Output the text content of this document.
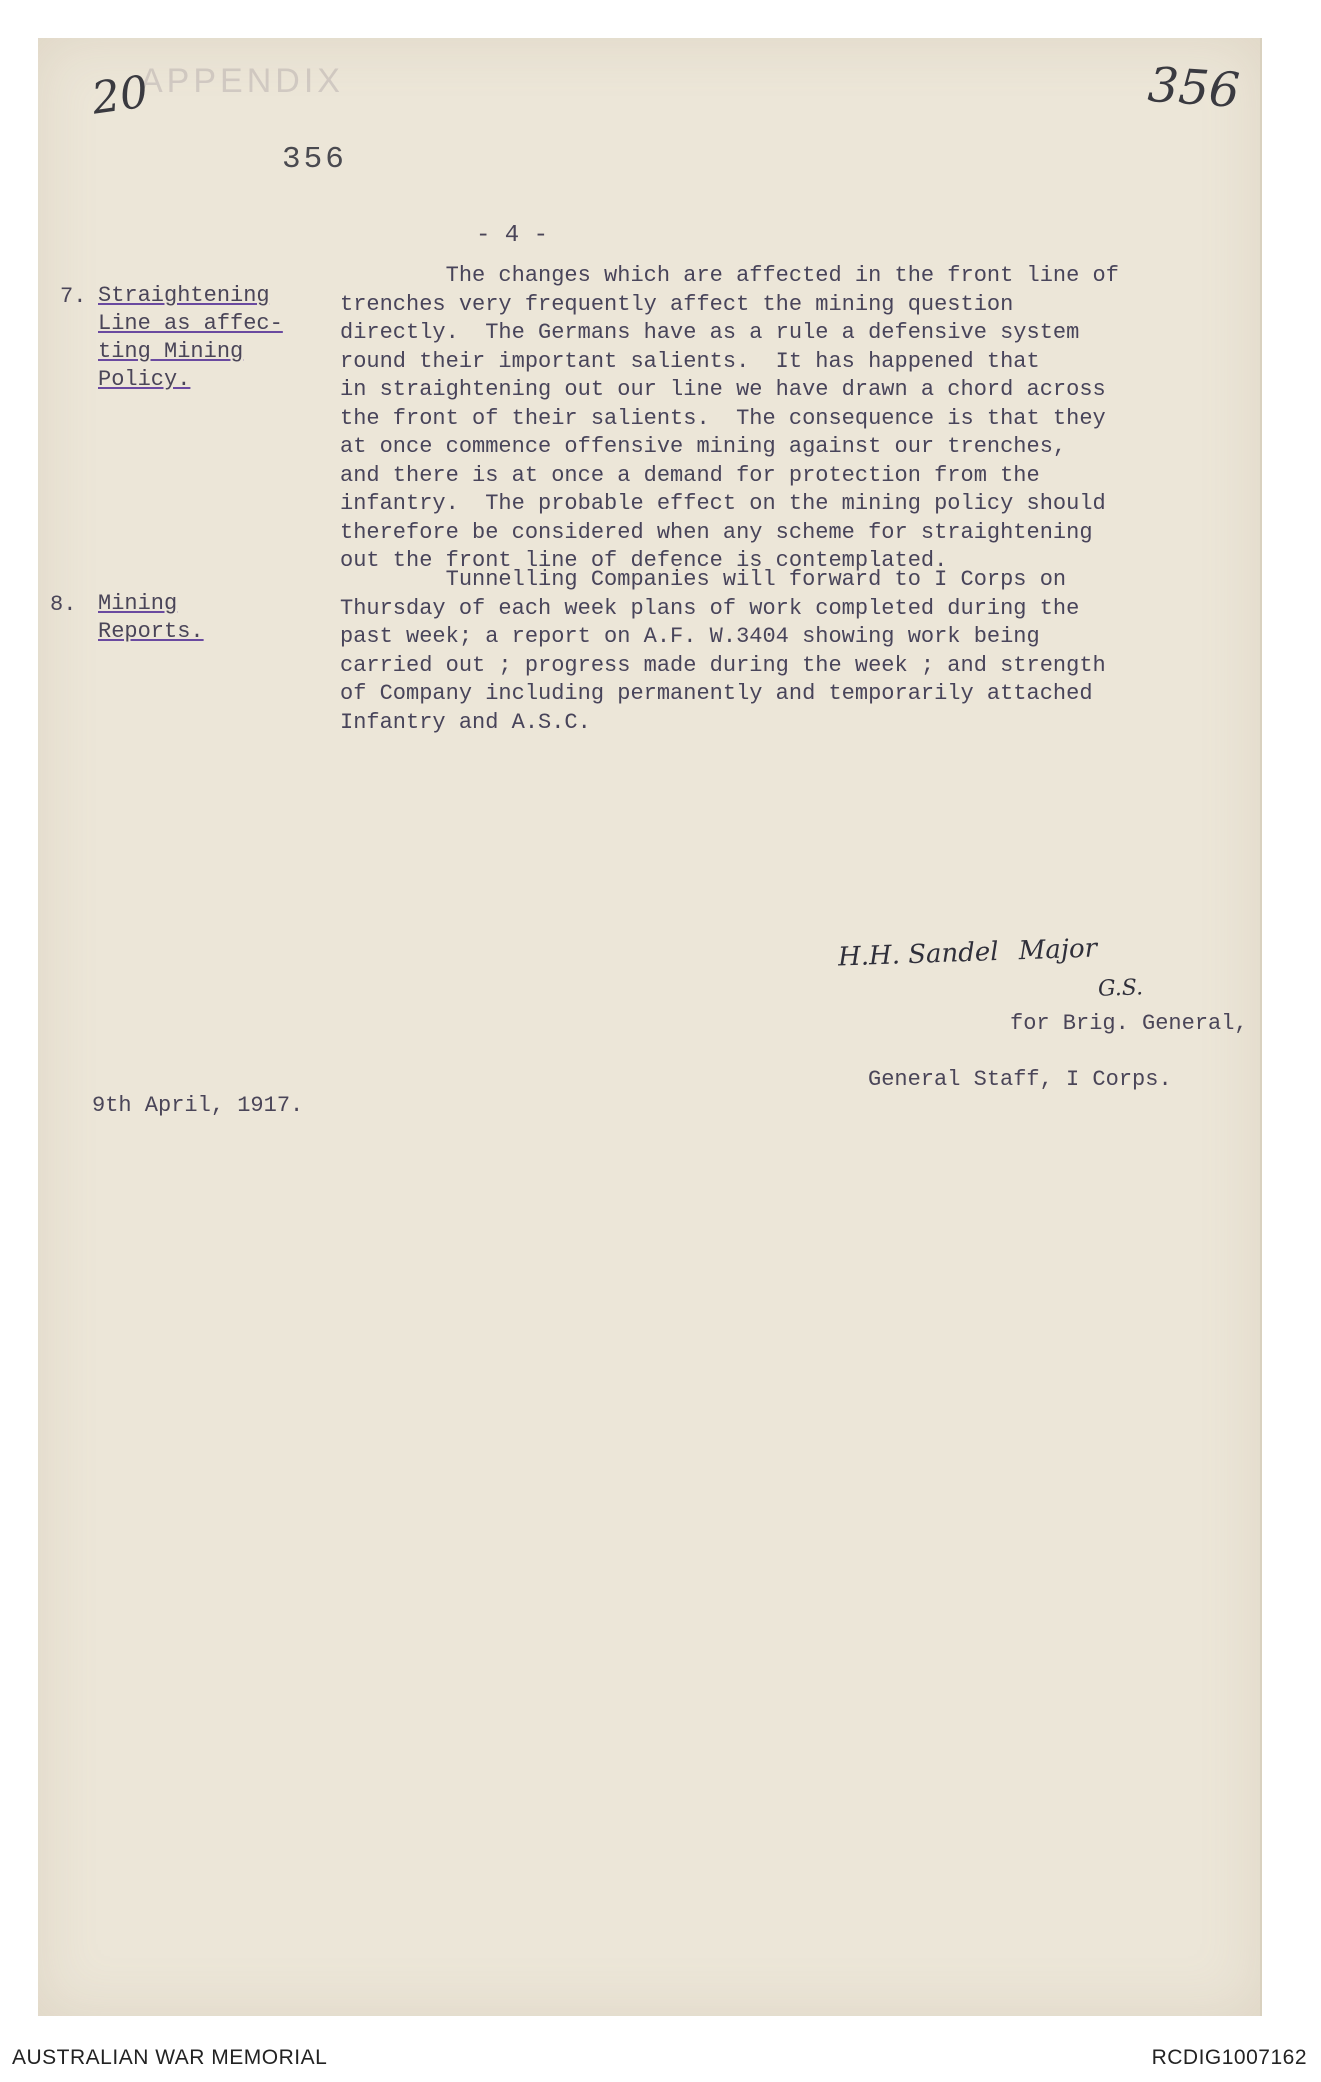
APPENDIX
20	356
356
- 4 -
7. Straightening
Line as affec-
ting Mining
Policy.
The changes which are affected in the front line of
trenches very frequently affect the mining question
directly.  The Germans have as a rule a defensive system
round their important salients.  It has happened that
in straightening out our line we have drawn a chord across
the front of their salients.  The consequence is that they
at once commence offensive mining against our trenches,
and there is at once a demand for protection from the
infantry.  The probable effect on the mining policy should
therefore be considered when any scheme for straightening
out the front line of defence is contemplated.
8. Mining
Reports.
Tunnelling Companies will forward to I Corps on
Thursday of each week plans of work completed during the
past week; a report on A.F. W.3404 showing work being
carried out ; progress made during the week ; and strength
of Company including permanently and temporarily attached
Infantry and A.S.C.
H.H. Sandel Major
G.S.
for Brig. General,
General Staff, I Corps.
9th April, 1917.
AUSTRALIAN WAR MEMORIAL	RCDIG1007162
